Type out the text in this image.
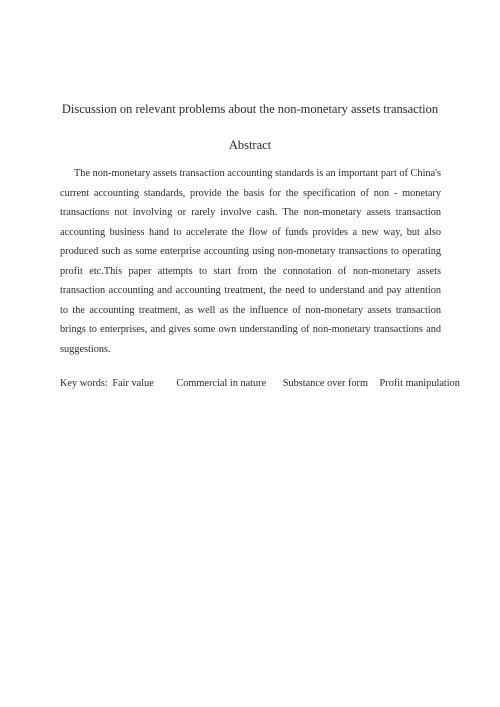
Discussion on relevant problems about the non-monetary assets transaction
Abstract

The non-monetary assets transaction accounting standards is an important part of China's current accounting standards, provide the basis for the specification of non - monetary transactions not involving or rarely involve cash. The non-monetary assets transaction accounting business hand to accelerate the flow of funds provides a new way, but also produced such as some enterprise accounting using non-monetary transactions to operating profit etc.This paper attempts to start from the connotation of non-monetary assets transaction accounting and accounting treatment, the need to understand and pay attention to the accounting treatment, as well as the influence of non-monetary assets transaction brings to enterprises, and gives some own understanding of non-monetary transactions and suggestions.

Key words: Fair value Commercial in nature Substance over form Profit manipulation
